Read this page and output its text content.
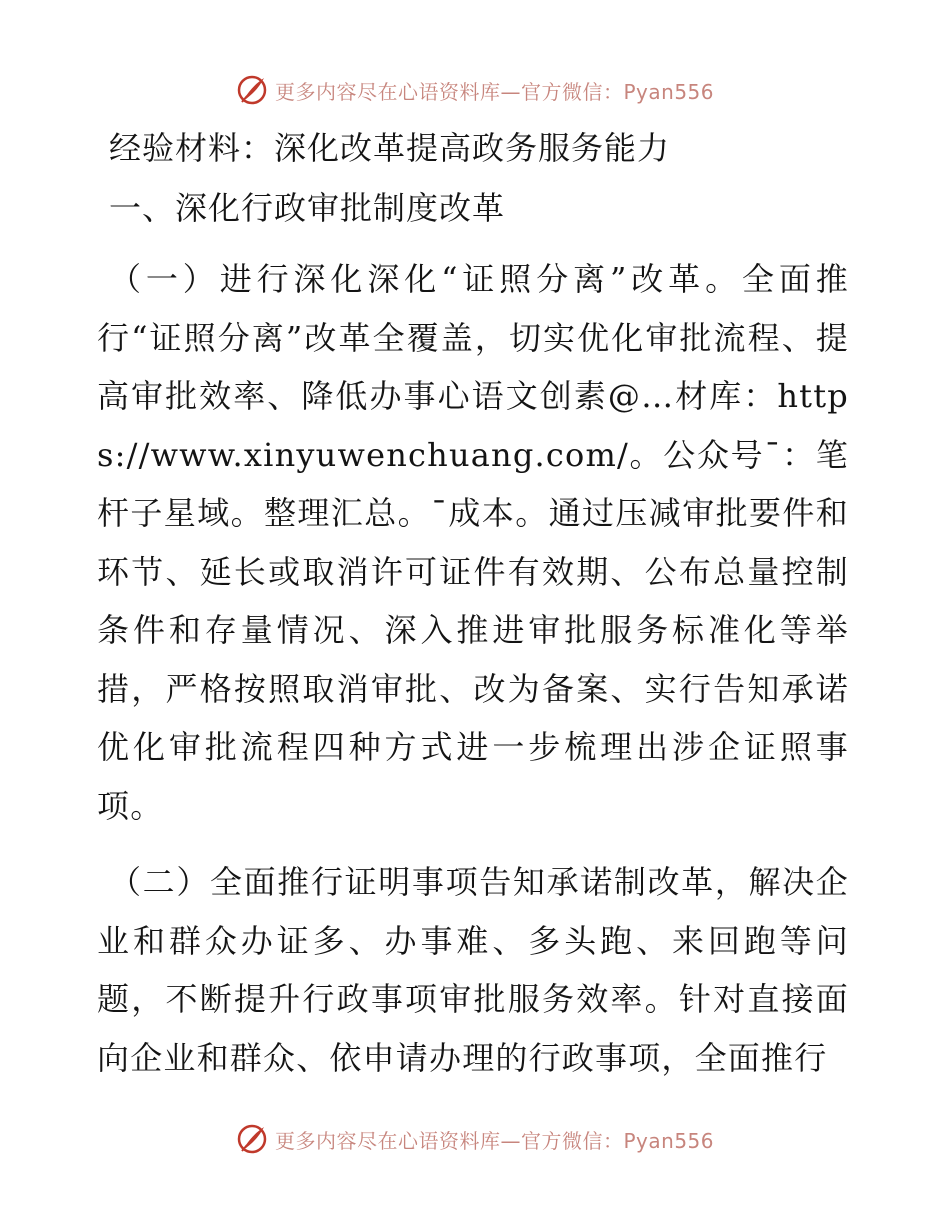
更多内容尽在心语资料库—官方微信：Pyan556
经验材料：深化改革提高政务服务能力
一、深化行政审批制度改革

（一）进行深化深化“证照分离”改革。全面推行“证照分离”改革全覆盖，切实优化审批流程、提高审批效率、降低办事心语文创素@…材库：https://www.xinyuwenchuang.com/。公众号¯：笔杆子星域。整理汇总。¯成本。通过压减审批要件和环节、延长或取消许可证件有效期、公布总量控制条件和存量情况、深入推进审批服务标准化等举措，严格按照取消审批、改为备案、实行告知承诺优化审批流程四种方式进一步梳理出涉企证照事项。

（二）全面推行证明事项告知承诺制改革，解决企业和群众办证多、办事难、多头跑、来回跑等问题，不断提升行政事项审批服务效率。针对直接面向企业和群众、依申请办理的行政事项，全面推行

更多内容尽在心语资料库—官方微信：Pyan556
